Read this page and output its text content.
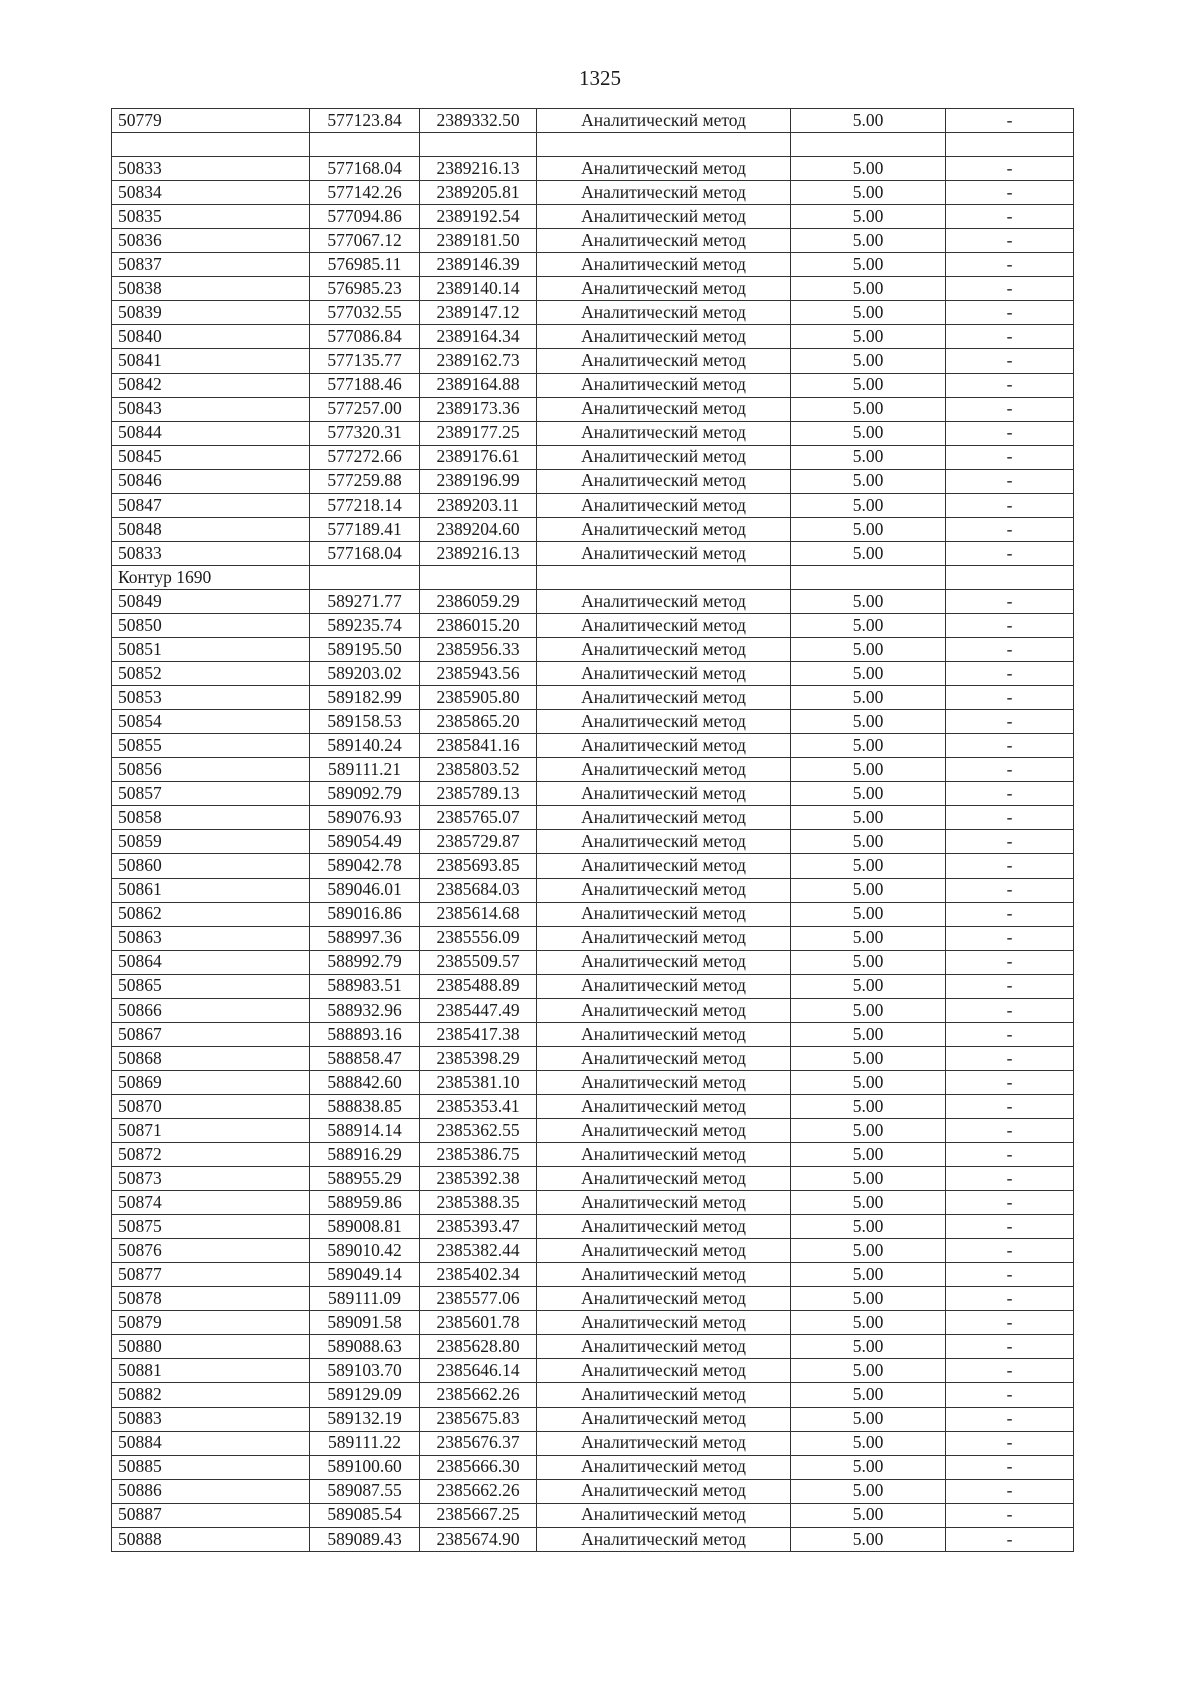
1325
50779	577123.84	2389332.50	Аналитический метод	5.00	-

50833	577168.04	2389216.13	Аналитический метод	5.00	-
50834	577142.26	2389205.81	Аналитический метод	5.00	-
50835	577094.86	2389192.54	Аналитический метод	5.00	-
50836	577067.12	2389181.50	Аналитический метод	5.00	-
50837	576985.11	2389146.39	Аналитический метод	5.00	-
50838	576985.23	2389140.14	Аналитический метод	5.00	-
50839	577032.55	2389147.12	Аналитический метод	5.00	-
50840	577086.84	2389164.34	Аналитический метод	5.00	-
50841	577135.77	2389162.73	Аналитический метод	5.00	-
50842	577188.46	2389164.88	Аналитический метод	5.00	-
50843	577257.00	2389173.36	Аналитический метод	5.00	-
50844	577320.31	2389177.25	Аналитический метод	5.00	-
50845	577272.66	2389176.61	Аналитический метод	5.00	-
50846	577259.88	2389196.99	Аналитический метод	5.00	-
50847	577218.14	2389203.11	Аналитический метод	5.00	-
50848	577189.41	2389204.60	Аналитический метод	5.00	-
50833	577168.04	2389216.13	Аналитический метод	5.00	-
Контур 1690					
50849	589271.77	2386059.29	Аналитический метод	5.00	-
50850	589235.74	2386015.20	Аналитический метод	5.00	-
50851	589195.50	2385956.33	Аналитический метод	5.00	-
50852	589203.02	2385943.56	Аналитический метод	5.00	-
50853	589182.99	2385905.80	Аналитический метод	5.00	-
50854	589158.53	2385865.20	Аналитический метод	5.00	-
50855	589140.24	2385841.16	Аналитический метод	5.00	-
50856	589111.21	2385803.52	Аналитический метод	5.00	-
50857	589092.79	2385789.13	Аналитический метод	5.00	-
50858	589076.93	2385765.07	Аналитический метод	5.00	-
50859	589054.49	2385729.87	Аналитический метод	5.00	-
50860	589042.78	2385693.85	Аналитический метод	5.00	-
50861	589046.01	2385684.03	Аналитический метод	5.00	-
50862	589016.86	2385614.68	Аналитический метод	5.00	-
50863	588997.36	2385556.09	Аналитический метод	5.00	-
50864	588992.79	2385509.57	Аналитический метод	5.00	-
50865	588983.51	2385488.89	Аналитический метод	5.00	-
50866	588932.96	2385447.49	Аналитический метод	5.00	-
50867	588893.16	2385417.38	Аналитический метод	5.00	-
50868	588858.47	2385398.29	Аналитический метод	5.00	-
50869	588842.60	2385381.10	Аналитический метод	5.00	-
50870	588838.85	2385353.41	Аналитический метод	5.00	-
50871	588914.14	2385362.55	Аналитический метод	5.00	-
50872	588916.29	2385386.75	Аналитический метод	5.00	-
50873	588955.29	2385392.38	Аналитический метод	5.00	-
50874	588959.86	2385388.35	Аналитический метод	5.00	-
50875	589008.81	2385393.47	Аналитический метод	5.00	-
50876	589010.42	2385382.44	Аналитический метод	5.00	-
50877	589049.14	2385402.34	Аналитический метод	5.00	-
50878	589111.09	2385577.06	Аналитический метод	5.00	-
50879	589091.58	2385601.78	Аналитический метод	5.00	-
50880	589088.63	2385628.80	Аналитический метод	5.00	-
50881	589103.70	2385646.14	Аналитический метод	5.00	-
50882	589129.09	2385662.26	Аналитический метод	5.00	-
50883	589132.19	2385675.83	Аналитический метод	5.00	-
50884	589111.22	2385676.37	Аналитический метод	5.00	-
50885	589100.60	2385666.30	Аналитический метод	5.00	-
50886	589087.55	2385662.26	Аналитический метод	5.00	-
50887	589085.54	2385667.25	Аналитический метод	5.00	-
50888	589089.43	2385674.90	Аналитический метод	5.00	-
